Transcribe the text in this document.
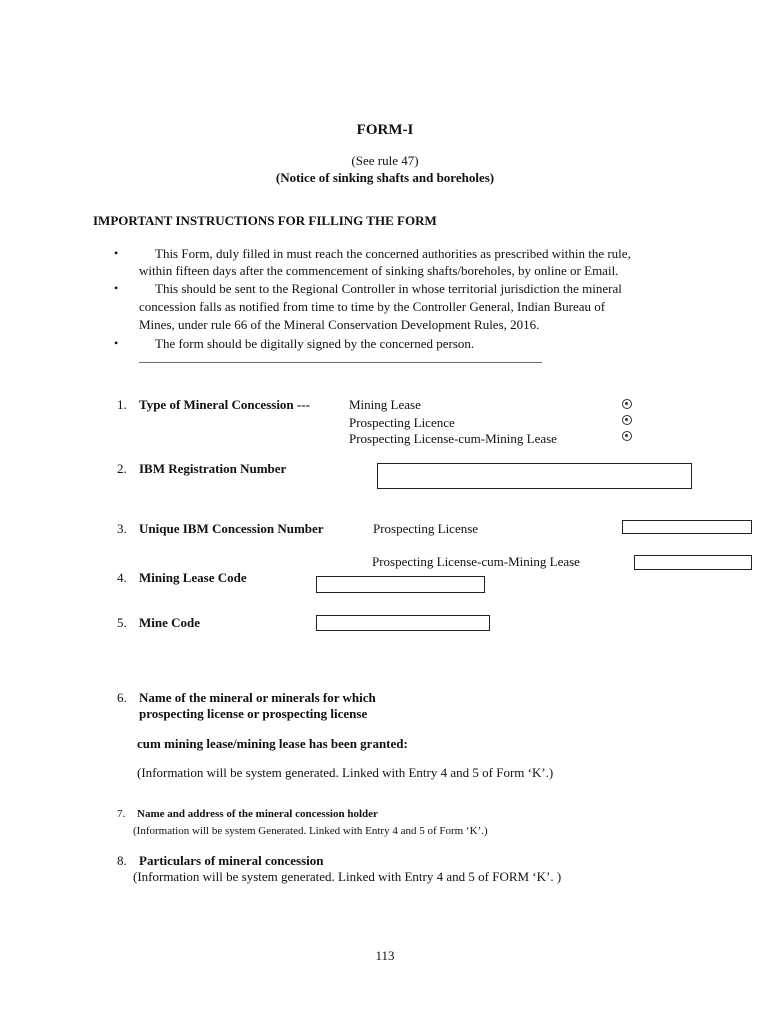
FORM-I
(See rule 47)
(Notice of sinking shafts and boreholes)
IMPORTANT INSTRUCTIONS FOR FILLING THE FORM
•	This Form, duly filled in must reach the concerned authorities as prescribed within the rule,
within fifteen days after the commencement of sinking shafts/boreholes, by online or Email.
•	This should be sent to the Regional Controller in whose territorial jurisdiction the mineral
concession falls as notified from time to time by the Controller General, Indian Bureau of
Mines, under rule 66 of the Mineral Conservation Development Rules, 2016.
•	The form should be digitally signed by the concerned person.
______________________________________________________________
1. Type of Mineral Concession ---	Mining Lease
Prospecting Licence
Prospecting License-cum-Mining Lease
2. IBM Registration Number
3. Unique IBM Concession Number	Prospecting License
Prospecting License-cum-Mining Lease
4. Mining Lease Code
5. Mine Code
6. Name of the mineral or minerals for which
prospecting license or prospecting license
cum mining lease/mining lease has been granted:
(Information will be system generated. Linked with Entry 4 and 5 of Form ‘K’.)
7. Name and address of the mineral concession holder
(Information will be system Generated. Linked with Entry 4 and 5 of Form ‘K’.)
8. Particulars of mineral concession
(Information will be system generated. Linked with Entry 4 and 5 of FORM ‘K’. )
113
